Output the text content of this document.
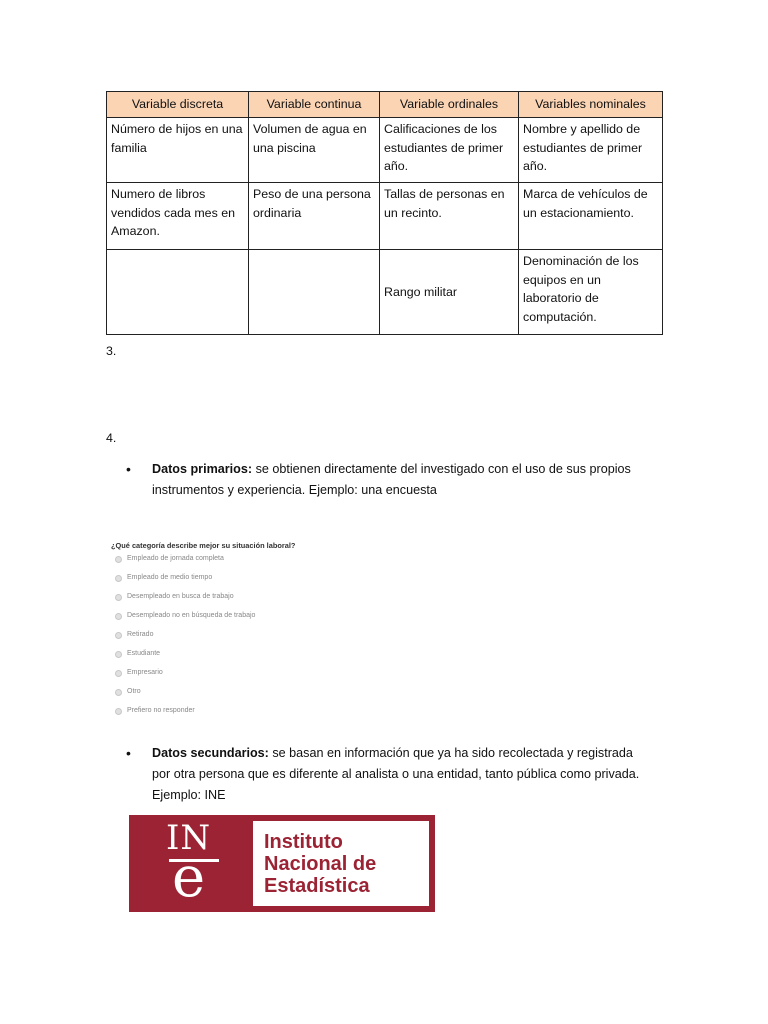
Variable discreta	Variable continua	Variable ordinales	Variables nominales
Número de hijos en una familia	Volumen de agua en una piscina	Calificaciones de los estudiantes de primer año.	Nombre y apellido de estudiantes de primer año.
Numero de libros vendidos cada mes en Amazon.	Peso de una persona ordinaria	Tallas de personas en un recinto.	Marca de vehículos de un estacionamiento.
		Rango militar	Denominación de los equipos en un laboratorio de computación.
3.
4.
• Datos primarios: se obtienen directamente del investigado con el uso de sus propios instrumentos y experiencia. Ejemplo: una encuesta
¿Qué categoría describe mejor su situación laboral?
Empleado de jornada completa
Empleado de medio tiempo
Desempleado en busca de trabajo
Desempleado no en búsqueda de trabajo
Retirado
Estudiante
Empresario
Otro
Prefiero no responder
• Datos secundarios: se basan en información que ya ha sido recolectada y registrada por otra persona que es diferente al analista o una entidad, tanto pública como privada. Ejemplo: INE
IN
e
Instituto
Nacional de
Estadística
